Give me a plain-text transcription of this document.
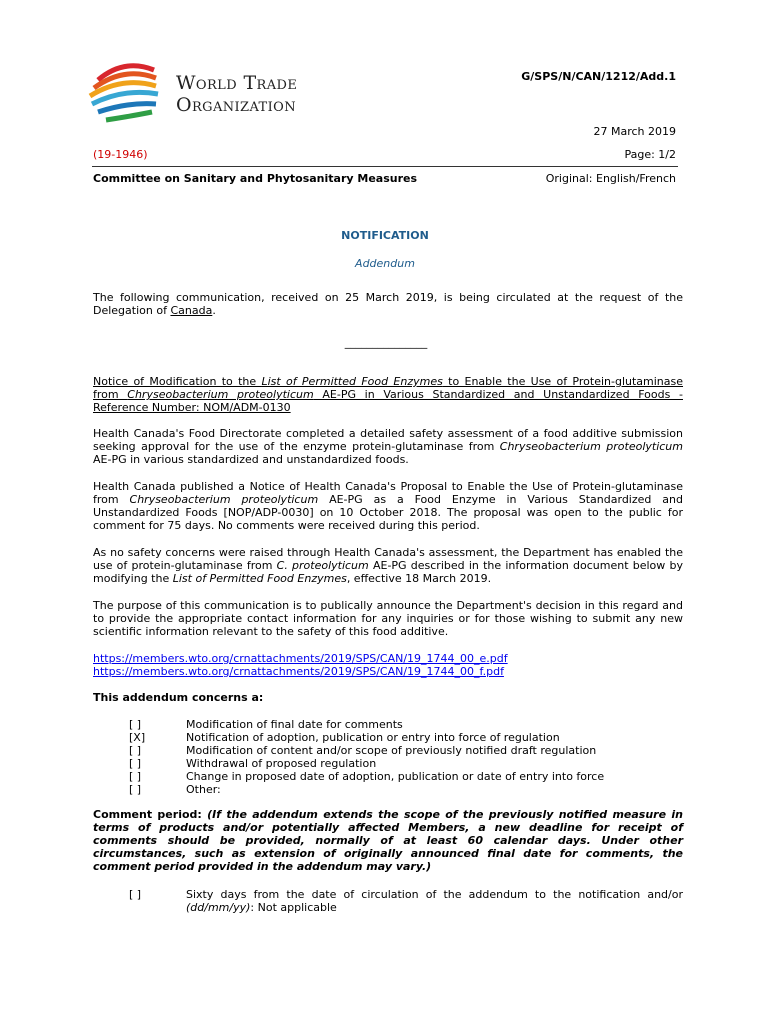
World Trade
Organization
G/SPS/N/CAN/1212/Add.1
27 March 2019
(19-1946)	Page: 1/2
Committee on Sanitary and Phytosanitary Measures	Original: English/French
NOTIFICATION
Addendum
The following communication, received on 25 March 2019, is being circulated at the request of the Delegation of Canada.
_______________
Notice of Modification to the List of Permitted Food Enzymes to Enable the Use of Protein-glutaminase from Chryseobacterium proteolyticum AE-PG in Various Standardized and Unstandardized Foods - Reference Number: NOM/ADM-0130
Health Canada's Food Directorate completed a detailed safety assessment of a food additive submission seeking approval for the use of the enzyme protein-glutaminase from Chryseobacterium proteolyticum AE-PG in various standardized and unstandardized foods.
Health Canada published a Notice of Health Canada's Proposal to Enable the Use of Protein-glutaminase from Chryseobacterium proteolyticum AE-PG as a Food Enzyme in Various Standardized and Unstandardized Foods [NOP/ADP-0030] on 10 October 2018. The proposal was open to the public for comment for 75 days. No comments were received during this period.
As no safety concerns were raised through Health Canada's assessment, the Department has enabled the use of protein-glutaminase from C. proteolyticum AE-PG described in the information document below by modifying the List of Permitted Food Enzymes, effective 18 March 2019.
The purpose of this communication is to publically announce the Department's decision in this regard and to provide the appropriate contact information for any inquiries or for those wishing to submit any new scientific information relevant to the safety of this food additive.
https://members.wto.org/crnattachments/2019/SPS/CAN/19_1744_00_e.pdf
https://members.wto.org/crnattachments/2019/SPS/CAN/19_1744_00_f.pdf
This addendum concerns a:
[ ]	Modification of final date for comments
[X]	Notification of adoption, publication or entry into force of regulation
[ ]	Modification of content and/or scope of previously notified draft regulation
[ ]	Withdrawal of proposed regulation
[ ]	Change in proposed date of adoption, publication or date of entry into force
[ ]	Other:
Comment period: (If the addendum extends the scope of the previously notified measure in terms of products and/or potentially affected Members, a new deadline for receipt of comments should be provided, normally of at least 60 calendar days. Under other circumstances, such as extension of originally announced final date for comments, the comment period provided in the addendum may vary.)
[ ]	Sixty days from the date of circulation of the addendum to the notification and/or (dd/mm/yy): Not applicable
